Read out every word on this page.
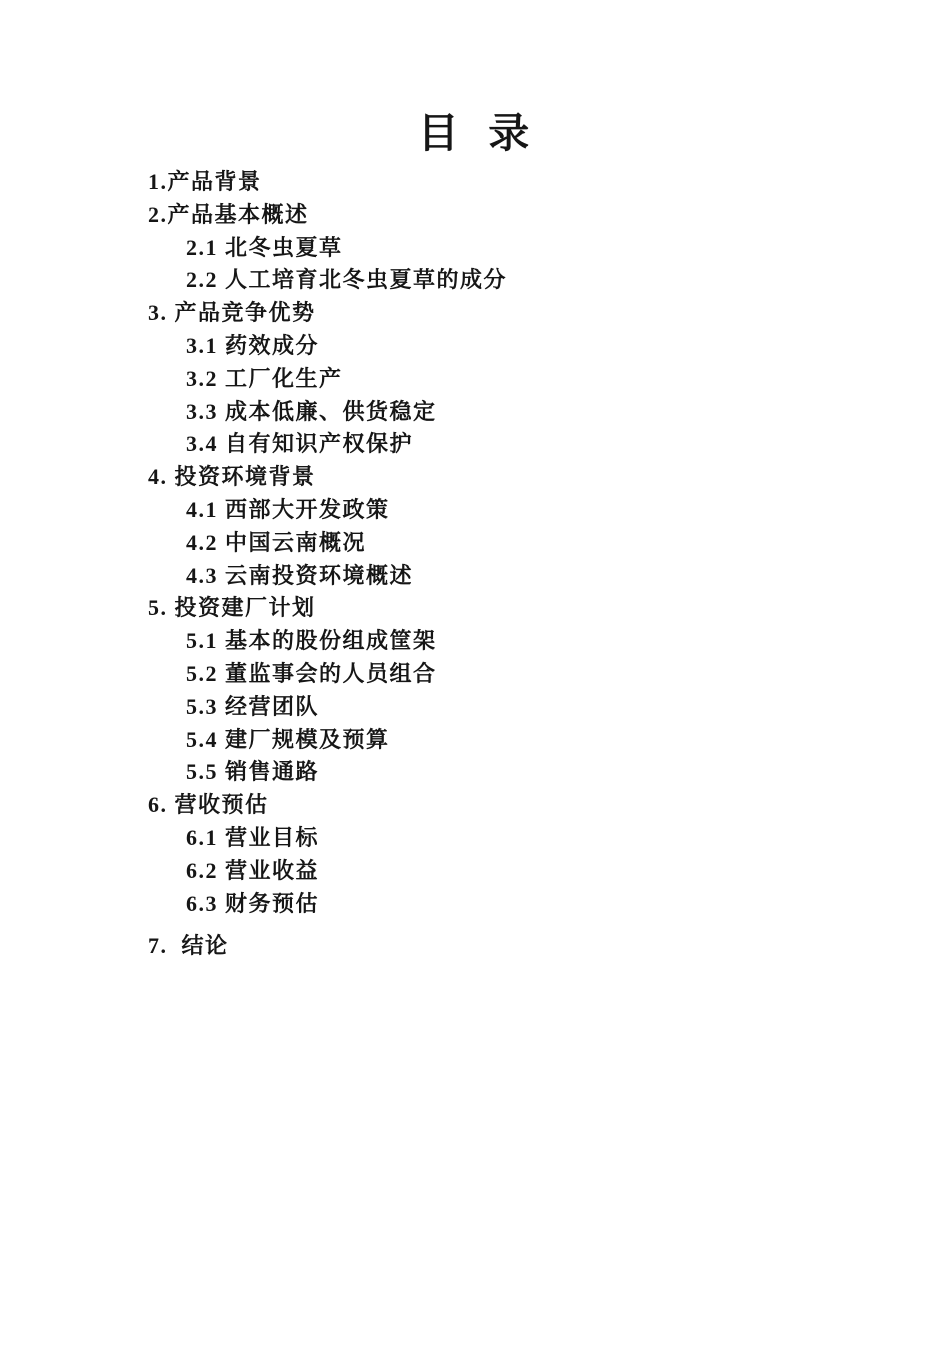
目  录
1.产品背景
2.产品基本概述
2.1 北冬虫夏草
2.2 人工培育北冬虫夏草的成分
3. 产品竞争优势
3.1 药效成分
3.2 工厂化生产
3.3 成本低廉、供货稳定
3.4 自有知识产权保护
4. 投资环境背景
4.1 西部大开发政策
4.2 中国云南概况
4.3 云南投资环境概述
5. 投资建厂计划
5.1 基本的股份组成筐架
5.2 董监事会的人员组合
5.3 经营团队
5.4 建厂规模及预算
5.5 销售通路
6. 营收预估
6.1 营业目标
6.2 营业收益
6.3 财务预估
7.  结论
